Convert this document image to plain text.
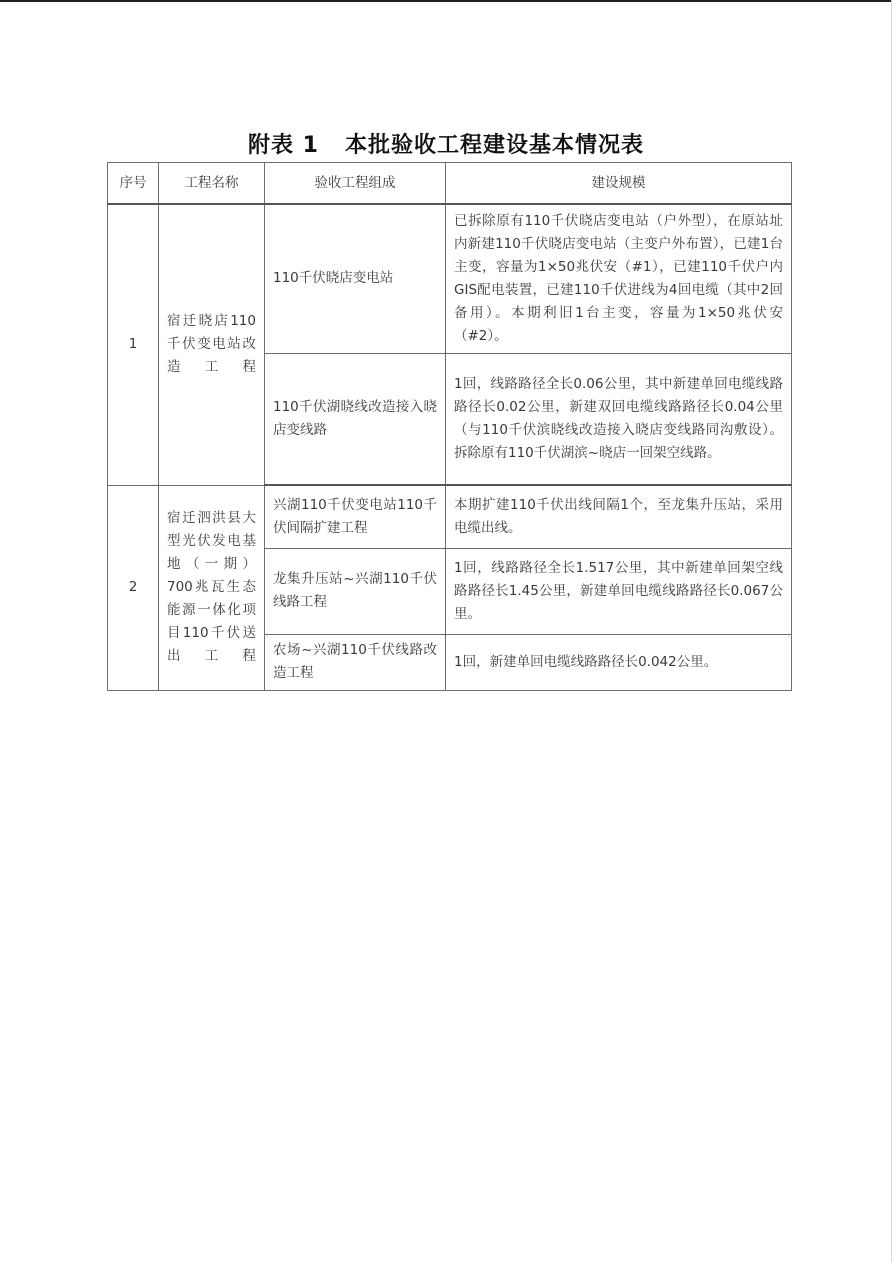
附表 1   本批验收工程建设基本情况表
序号	工程名称	验收工程组成	建设规模
1	宿迁晓店110千伏变电站改造工程	110千伏晓店变电站	已拆除原有110千伏晓店变电站（户外型），在原站址内新建110千伏晓店变电站（主变户外布置），已建1台主变，容量为1×50兆伏安（#1），已建110千伏户内GIS配电装置，已建110千伏进线为4回电缆（其中2回备用）。本期利旧1台主变，容量为1×50兆伏安（#2）。

		110千伏湖晓线改造接入晓店变线路	1回，线路路径全长0.06公里，其中新建单回电缆线路路径长0.02公里，新建双回电缆线路路径长0.04公里（与110千伏滨晓线改造接入晓店变线路同沟敷设）。拆除原有110千伏湖滨~晓店一回架空线路。

2	宿迁泗洪县大型光伏发电基地（一期）700兆瓦生态能源一体化项目110千伏送出工程	兴湖110千伏变电站110千伏间隔扩建工程	本期扩建110千伏出线间隔1个，至龙集升压站，采用电缆出线。

		龙集升压站~兴湖110千伏线路工程	1回，线路路径全长1.517公里，其中新建单回架空线路路径长1.45公里，新建单回电缆线路路径长0.067公里。

		农场~兴湖110千伏线路改造工程	1回，新建单回电缆线路路径长0.042公里。
